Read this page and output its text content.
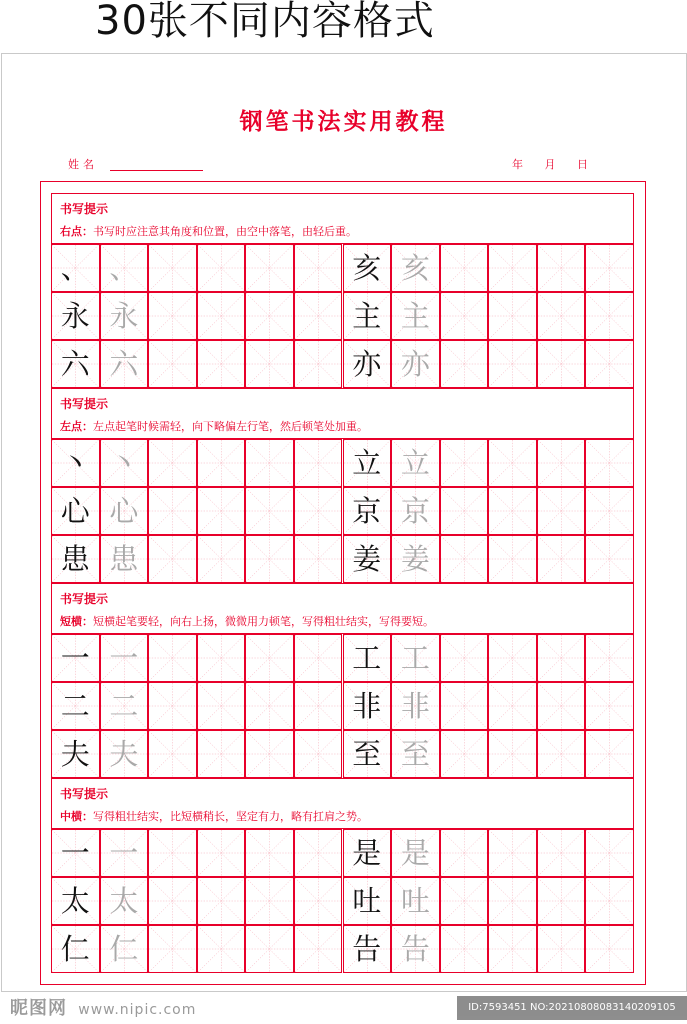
30张不同内容格式
钢笔书法实用教程
姓名	年 月 日
书写提示
右点：书写时应注意其角度和位置，由空中落笔，由轻后重。
、 、	亥 亥
永 永	主 主
六 六	亦 亦
书写提示
左点：左点起笔时候需轻，向下略偏左行笔，然后顿笔处加重。
丶 丶	立 立
心 心	京 京
患 患	姜 姜
书写提示
短横：短横起笔要轻，向右上扬，微微用力顿笔，写得粗壮结实，写得要短。
一 一	工 工
二 二	非 非
夫 夫	至 至
书写提示
中横：写得粗壮结实，比短横稍长，坚定有力，略有扛肩之势。
一 一	是 是
太 太	吐 吐
仁 仁	告 告
昵图网 www.nipic.com	ID:7593451 NO:20210808083140209105
